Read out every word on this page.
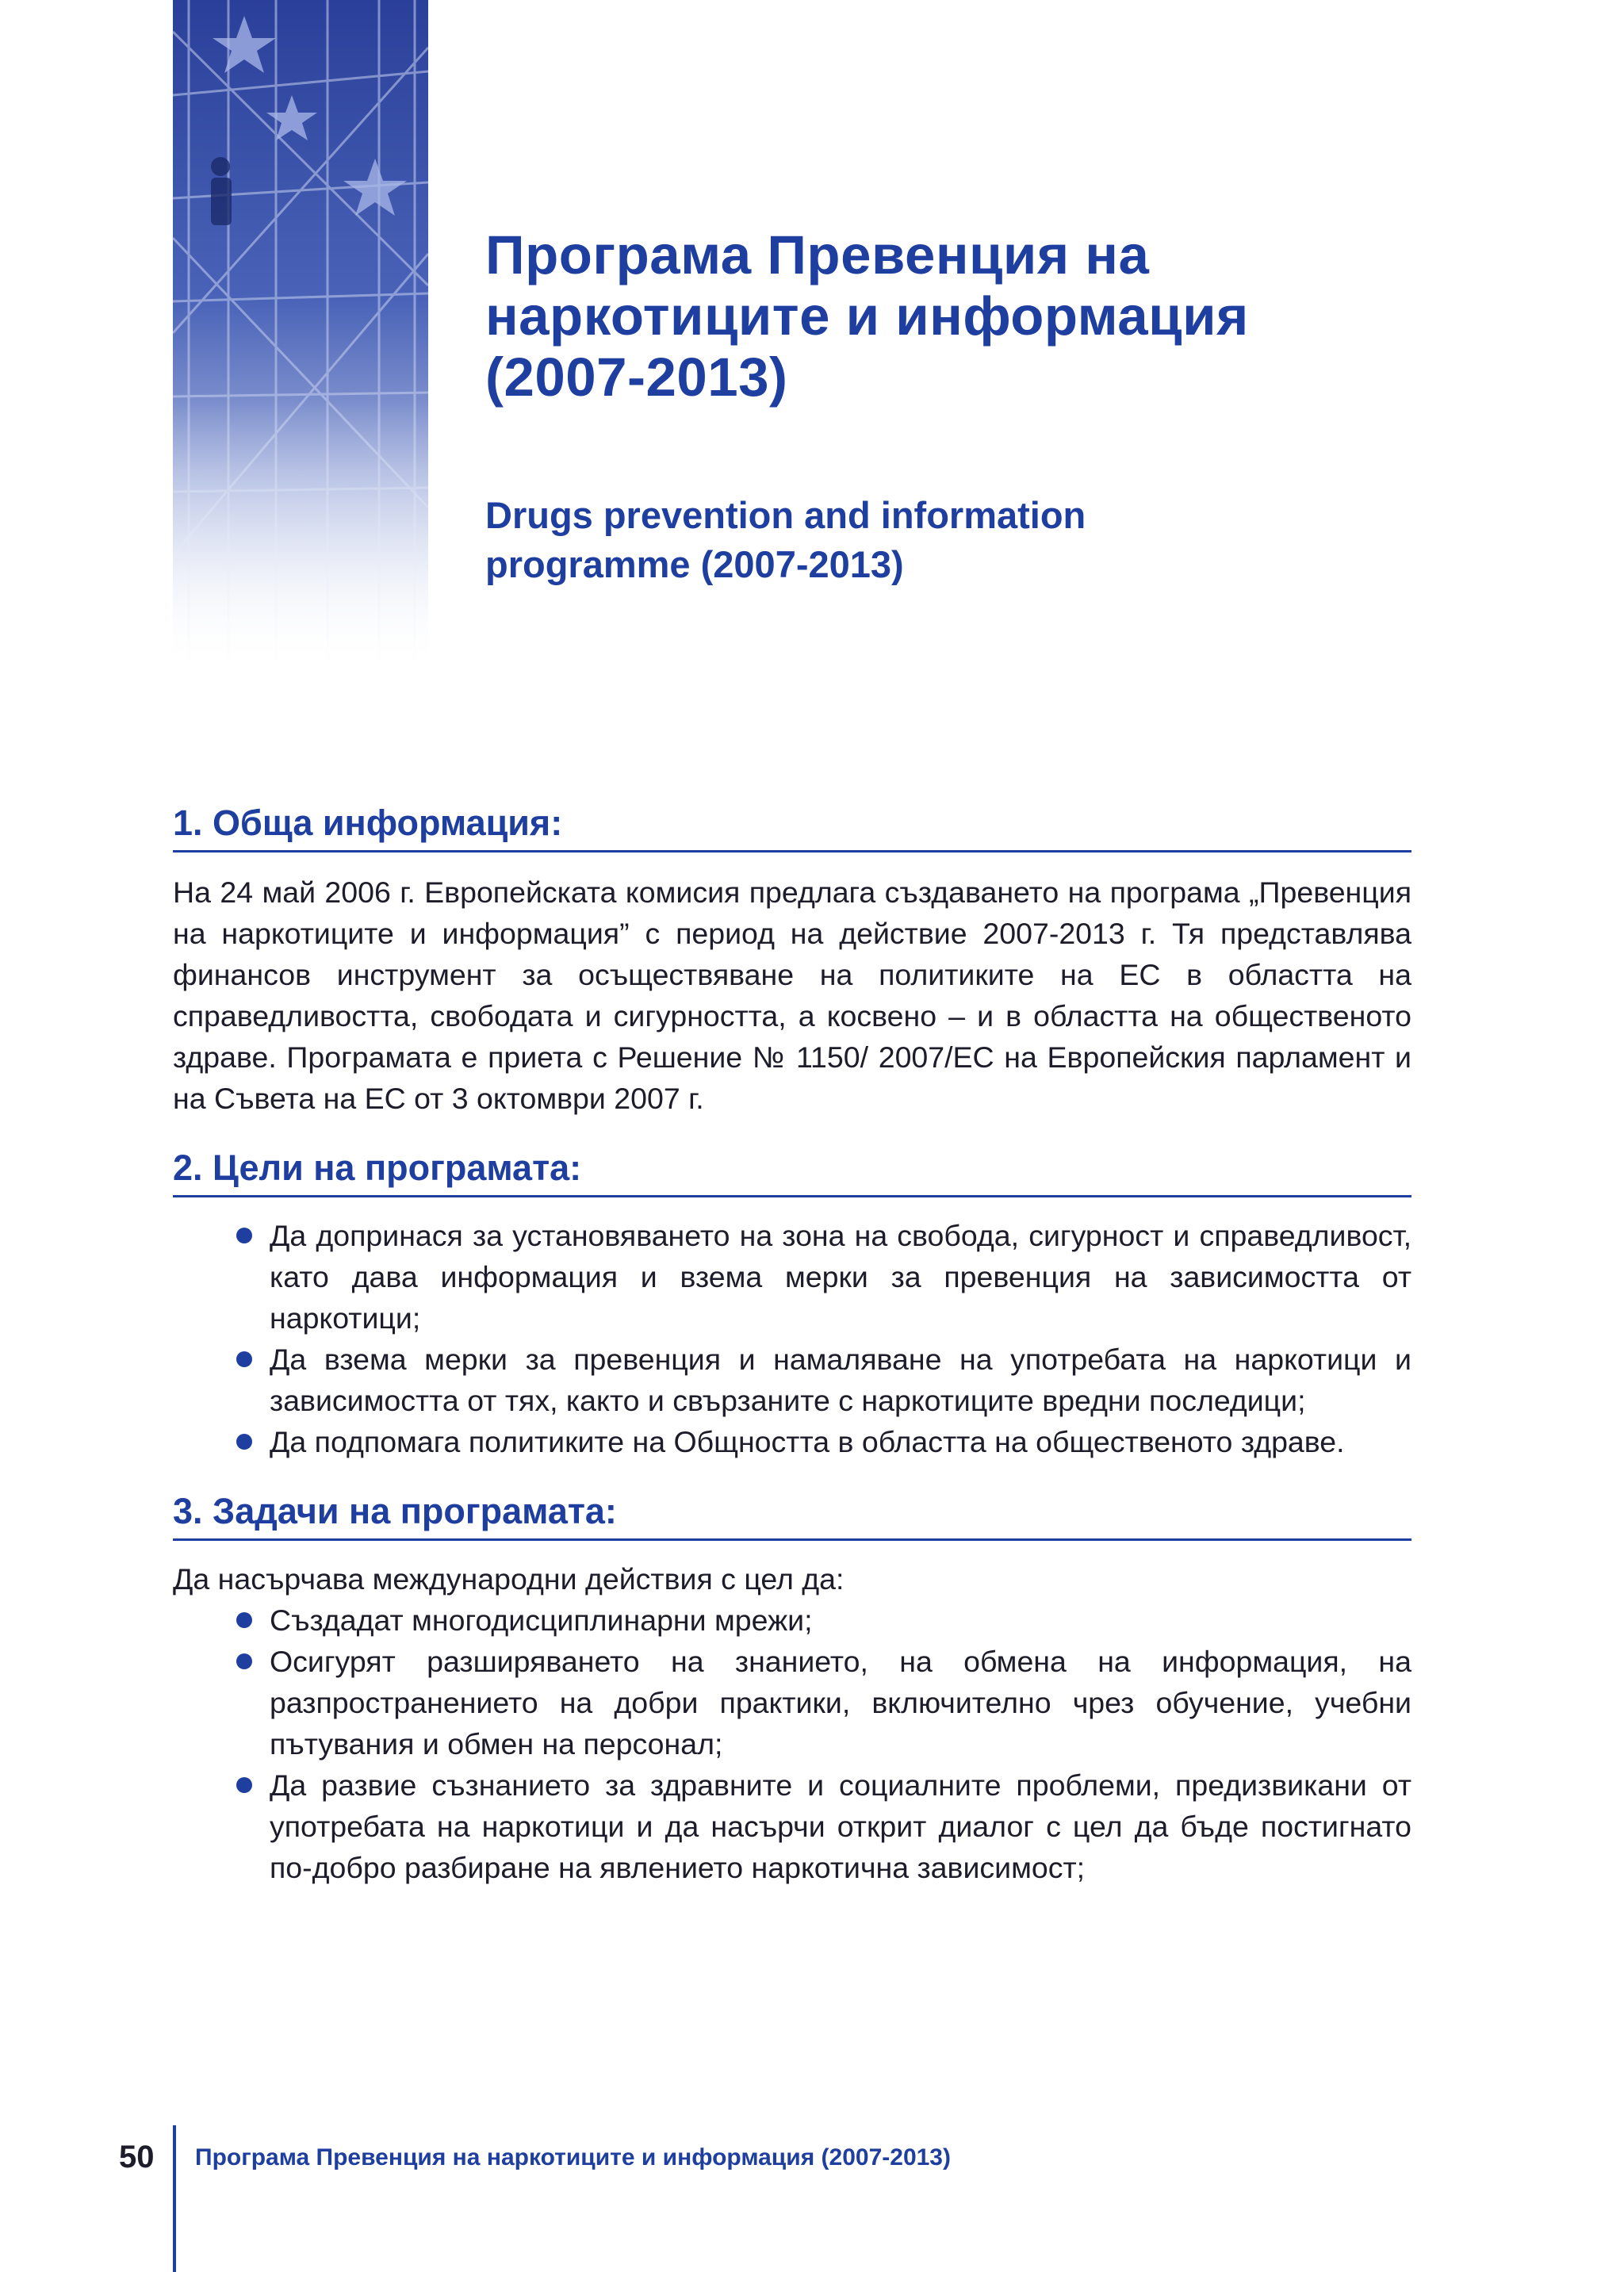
Програма Превенция на
наркотиците и информация
(2007-2013)

Drugs prevention and information
programme (2007-2013)

1. Обща информация:

На 24 май 2006 г. Европейската комисия предлага създаването на програма „Превенция на наркотиците и информация” с период на действие 2007-2013 г. Тя представлява финансов инструмент за осъществяване на политиките на ЕС в областта на справедливостта, свободата и сигурността, а косвено – и в областта на общественото здраве. Програмата е приета с Решение № 1150/ 2007/ЕС на Европейския парламент и на Съвета на ЕС от 3 октомври 2007 г.

2. Цели на програмата:
Да допринася за установяването на зона на свобода, сигурност и справедливост, като дава информация и взема мерки за превенция на зависимостта от наркотици;
Да взема мерки за превенция и намаляване на употребата на наркотици и зависимостта от тях, както и свързаните с наркотиците вредни последици;
Да подпомага политиките на Общността в областта на общественото здраве.
3. Задачи на програмата:

Да насърчава международни действия с цел да:

Създадат многодисциплинарни мрежи;
Осигурят разширяването на знанието, на обмена на информация, на разпространението на добри практики, включително чрез обучение, учебни пътувания и обмен на персонал;
Да развие съзнанието за здравните и социалните проблеми, предизвикани от употребата на наркотици и да насърчи открит диалог с цел да бъде постигнато по-добро разбиране на явлението наркотична зависимост;
50 Програма Превенция на наркотиците и информация (2007-2013)
